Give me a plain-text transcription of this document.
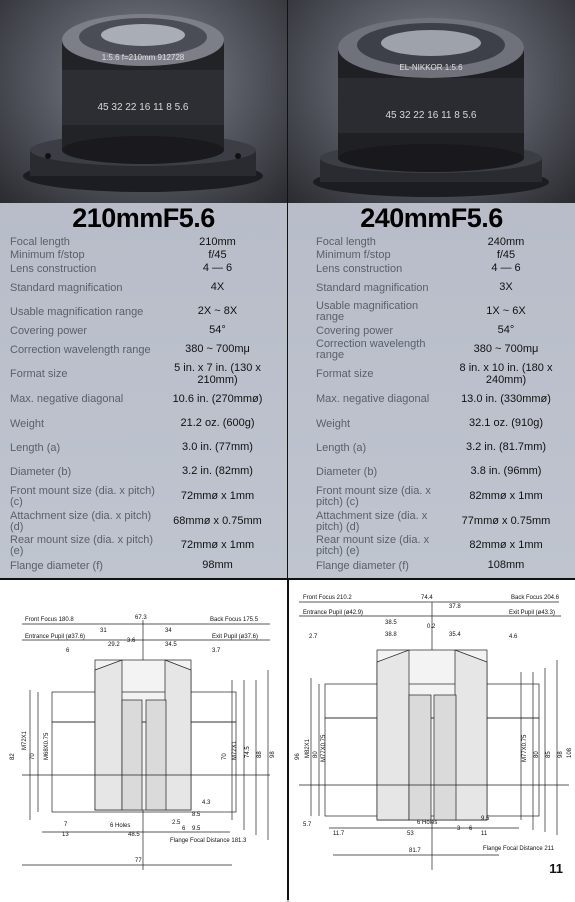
1:5.6 f=210mm 912728
45 32 22 16 11 8 5.6
210mmF5.6
Focal length	210mm
Minimum f/stop	f/45
Lens construction	4 — 6
Standard magnification	4X
Usable magnification range	2X ~ 8X
Covering power	54°
Correction wavelength range	380 ~ 700mμ
Format size	5 in. x 7 in. (130 x 210mm)
Max. negative diagonal	10.6 in. (270mmø)
Weight	21.2 oz. (600g)
Length (a)	3.0 in. (77mm)
Diameter (b)	3.2 in. (82mm)
Front mount size (dia. x pitch) (c)	72mmø x 1mm
Attachment size (dia. x pitch) (d)	68mmø x 0.75mm
Rear mount size (dia. x pitch) (e)	72mmø x 1mm
Flange diameter (f)	98mm
EL-NIKKOR 1:5.6
45 32 22 16 11 8 5.6
240mmF5.6
Focal length	240mm
Minimum f/stop	f/45
Lens construction	4 — 6
Standard magnification	3X
Usable magnification range	1X ~ 6X
Covering power	54°
Correction wavelength range	380 ~ 700mμ
Format size	8 in. x 10 in. (180 x 240mm)
Max. negative diagonal	13.0 in. (330mmø)
Weight	32.1 oz. (910g)
Length (a)	3.2 in. (81.7mm)
Diameter (b)	3.8 in. (96mm)
Front mount size (dia. x pitch) (c)	82mmø x 1mm
Attachment size (dia. x pitch) (d)	77mmø x 0.75mm
Rear mount size (dia. x pitch) (e)	82mmø x 1mm
Flange diameter (f)	108mm
Front Focus 180.8	Back Focus 175.5
Entrance Pupil (ø37.6)	Exit Pupil (ø37.6)
Flange Focal Distance 181.3
6 Holes
67.3
31	34
3.6
29.2	34.5
6	3.7
82 70
M72X1	M68X0.75	M72X1
70	74.5 88 98
4.3
8.5
9.5
2.5
6
7
13	48.5
77
Front Focus 210.2	Back Focus 204.6
Entrance Pupil (ø42.9)	Exit Pupil (ø43.3)
Flange Focal Distance 211
6 Holes
74.4
37.8
38.5
0.2
2.7	38.8	35.4	4.6
96 M82X1 80 M77X0.75	M77X0.75 80 85 98 108
5.7
11.7	53
3 6
11
9.5
81.7
11
